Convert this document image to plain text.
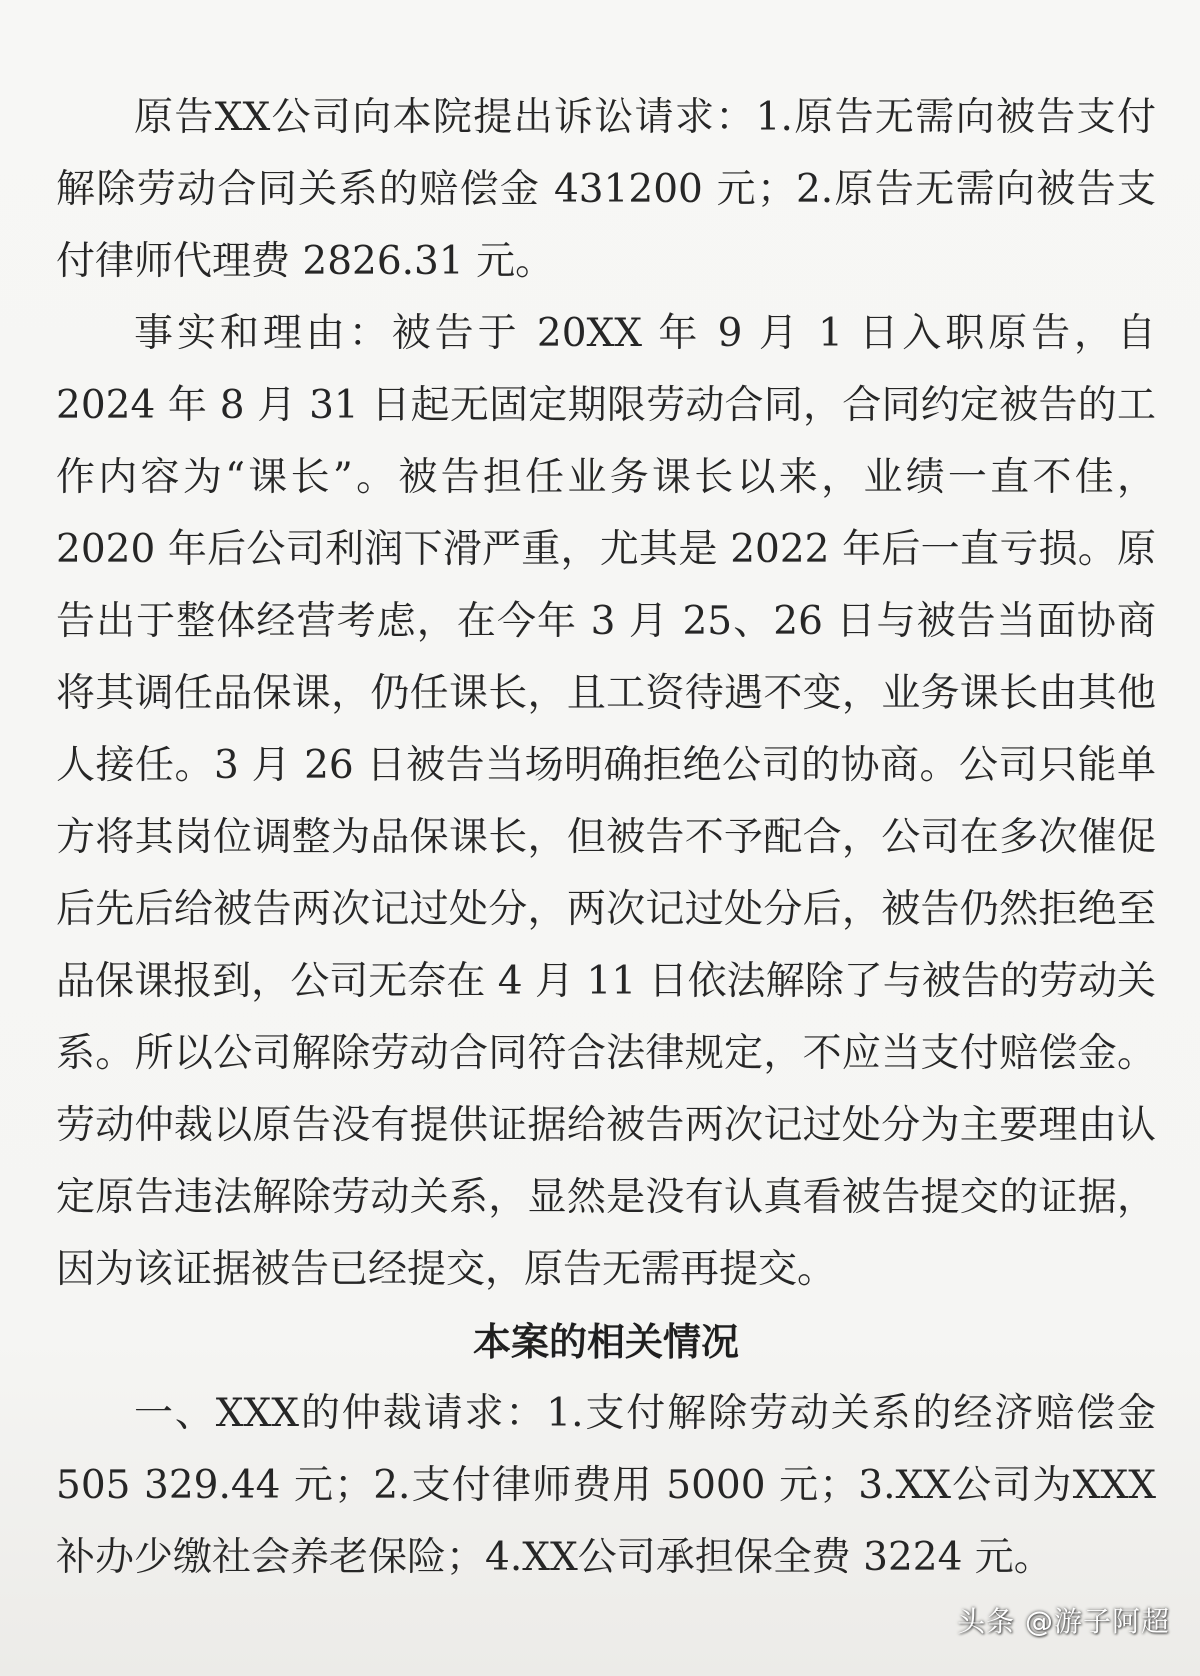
原告XX公司向本院提出诉讼请求：1.原告无需向被告支付解除劳动合同关系的赔偿金 431200 元；2.原告无需向被告支付律师代理费 2826.31 元。

事实和理由：被告于 20XX 年 9 月 1 日入职原告，自 2024 年 8 月 31 日起无固定期限劳动合同，合同约定被告的工作内容为“课长”。被告担任业务课长以来，业绩一直不佳，2020 年后公司利润下滑严重，尤其是 2022 年后一直亏损。原告出于整体经营考虑，在今年 3 月 25、26 日与被告当面协商将其调任品保课，仍任课长，且工资待遇不变，业务课长由其他人接任。3 月 26 日被告当场明确拒绝公司的协商。公司只能单方将其岗位调整为品保课长，但被告不予配合，公司在多次催促后先后给被告两次记过处分，两次记过处分后，被告仍然拒绝至品保课报到，公司无奈在 4 月 11 日依法解除了与被告的劳动关系。所以公司解除劳动合同符合法律规定，不应当支付赔偿金。劳动仲裁以原告没有提供证据给被告两次记过处分为主要理由认定原告违法解除劳动关系，显然是没有认真看被告提交的证据，因为该证据被告已经提交，原告无需再提交。

本案的相关情况

一、XXX的仲裁请求：1.支付解除劳动关系的经济赔偿金505 329.44 元；2.支付律师费用 5000 元；3.XX公司为XXX补办少缴社会养老保险；4.XX公司承担保全费 3224 元。

头条 @游子阿超
